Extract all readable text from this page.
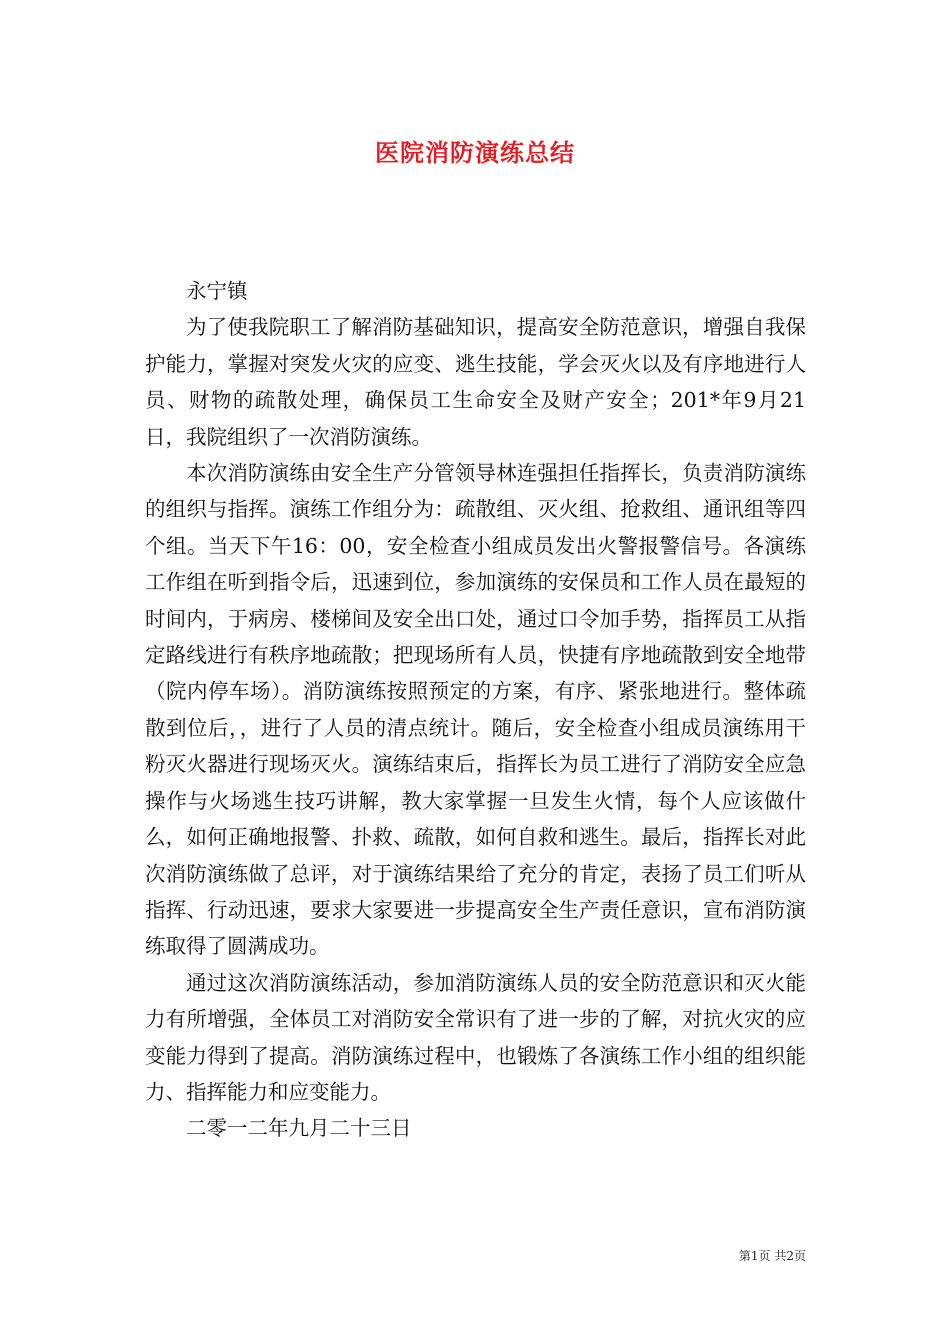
医院消防演练总结

永宁镇

为了使我院职工了解消防基础知识，提高安全防范意识，增强自我保护能力，掌握对突发火灾的应变、逃生技能，学会灭火以及有序地进行人员、财物的疏散处理，确保员工生命安全及财产安全；201*年9月21日，我院组织了一次消防演练。

本次消防演练由安全生产分管领导林连强担任指挥长，负责消防演练的组织与指挥。演练工作组分为：疏散组、灭火组、抢救组、通讯组等四个组。当天下午16：00，安全检查小组成员发出火警报警信号。各演练工作组在听到指令后，迅速到位，参加演练的安保员和工作人员在最短的时间内，于病房、楼梯间及安全出口处，通过口令加手势，指挥员工从指定路线进行有秩序地疏散；把现场所有人员，快捷有序地疏散到安全地带（院内停车场）。消防演练按照预定的方案，有序、紧张地进行。整体疏散到位后，，进行了人员的清点统计。随后，安全检查小组成员演练用干粉灭火器进行现场灭火。演练结束后，指挥长为员工进行了消防安全应急操作与火场逃生技巧讲解，教大家掌握一旦发生火情，每个人应该做什么，如何正确地报警、扑救、疏散，如何自救和逃生。最后，指挥长对此次消防演练做了总评，对于演练结果给了充分的肯定，表扬了员工们听从指挥、行动迅速，要求大家要进一步提高安全生产责任意识，宣布消防演练取得了圆满成功。

通过这次消防演练活动，参加消防演练人员的安全防范意识和灭火能力有所增强，全体员工对消防安全常识有了进一步的了解，对抗火灾的应变能力得到了提高。消防演练过程中，也锻炼了各演练工作小组的组织能力、指挥能力和应变能力。

二零一二年九月二十三日

第1页 共2页
